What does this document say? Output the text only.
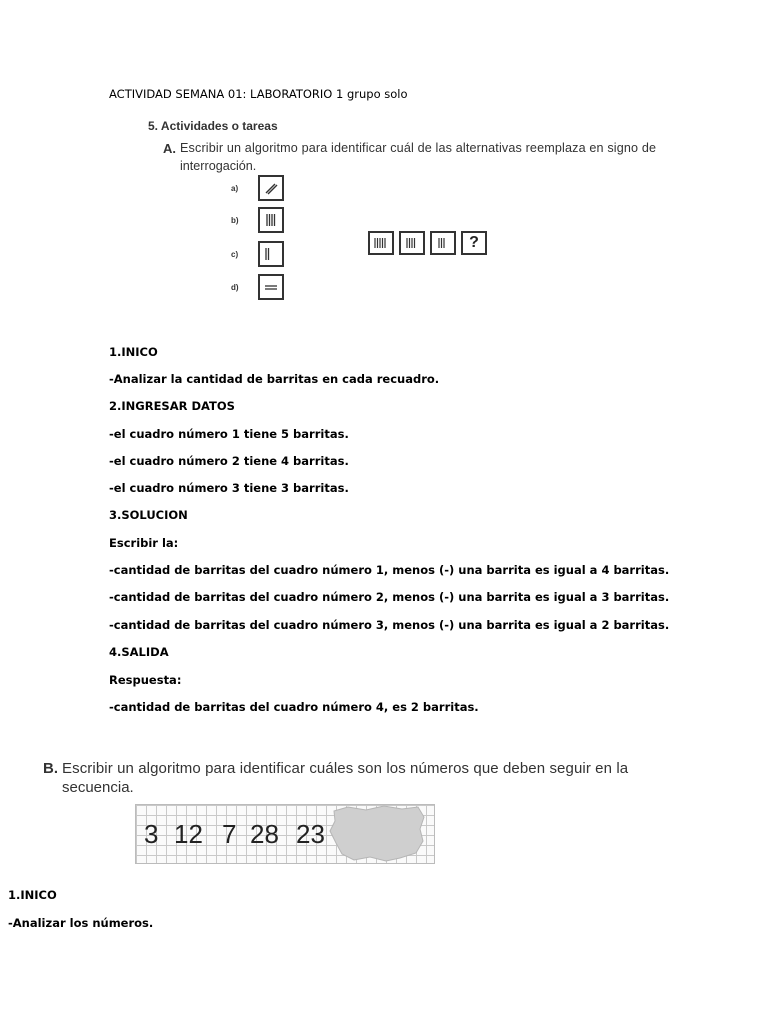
ACTIVIDAD SEMANA 01: LABORATORIO 1 grupo solo
5. Actividades o tareas
A. Escribir un algoritmo para identificar cuál de las alternativas reemplaza en signo de
interrogación.
a)
b)
c)
d)
?
1.INICO
-Analizar la cantidad de barritas en cada recuadro.
2.INGRESAR DATOS
-el cuadro número 1 tiene 5 barritas.
-el cuadro número 2 tiene 4 barritas.
-el cuadro número 3 tiene 3 barritas.
3.SOLUCION
Escribir la:
-cantidad de barritas del cuadro número 1, menos (-) una barrita es igual a 4 barritas.
-cantidad de barritas del cuadro número 2, menos (-) una barrita es igual a 3 barritas.
-cantidad de barritas del cuadro número 3, menos (-) una barrita es igual a 2 barritas.
4.SALIDA
Respuesta:
-cantidad de barritas del cuadro número 4, es 2 barritas.
B. Escribir un algoritmo para identificar cuáles son los números que deben seguir en la
secuencia.
3 12 7 28 23
1.INICO
-Analizar los números.
